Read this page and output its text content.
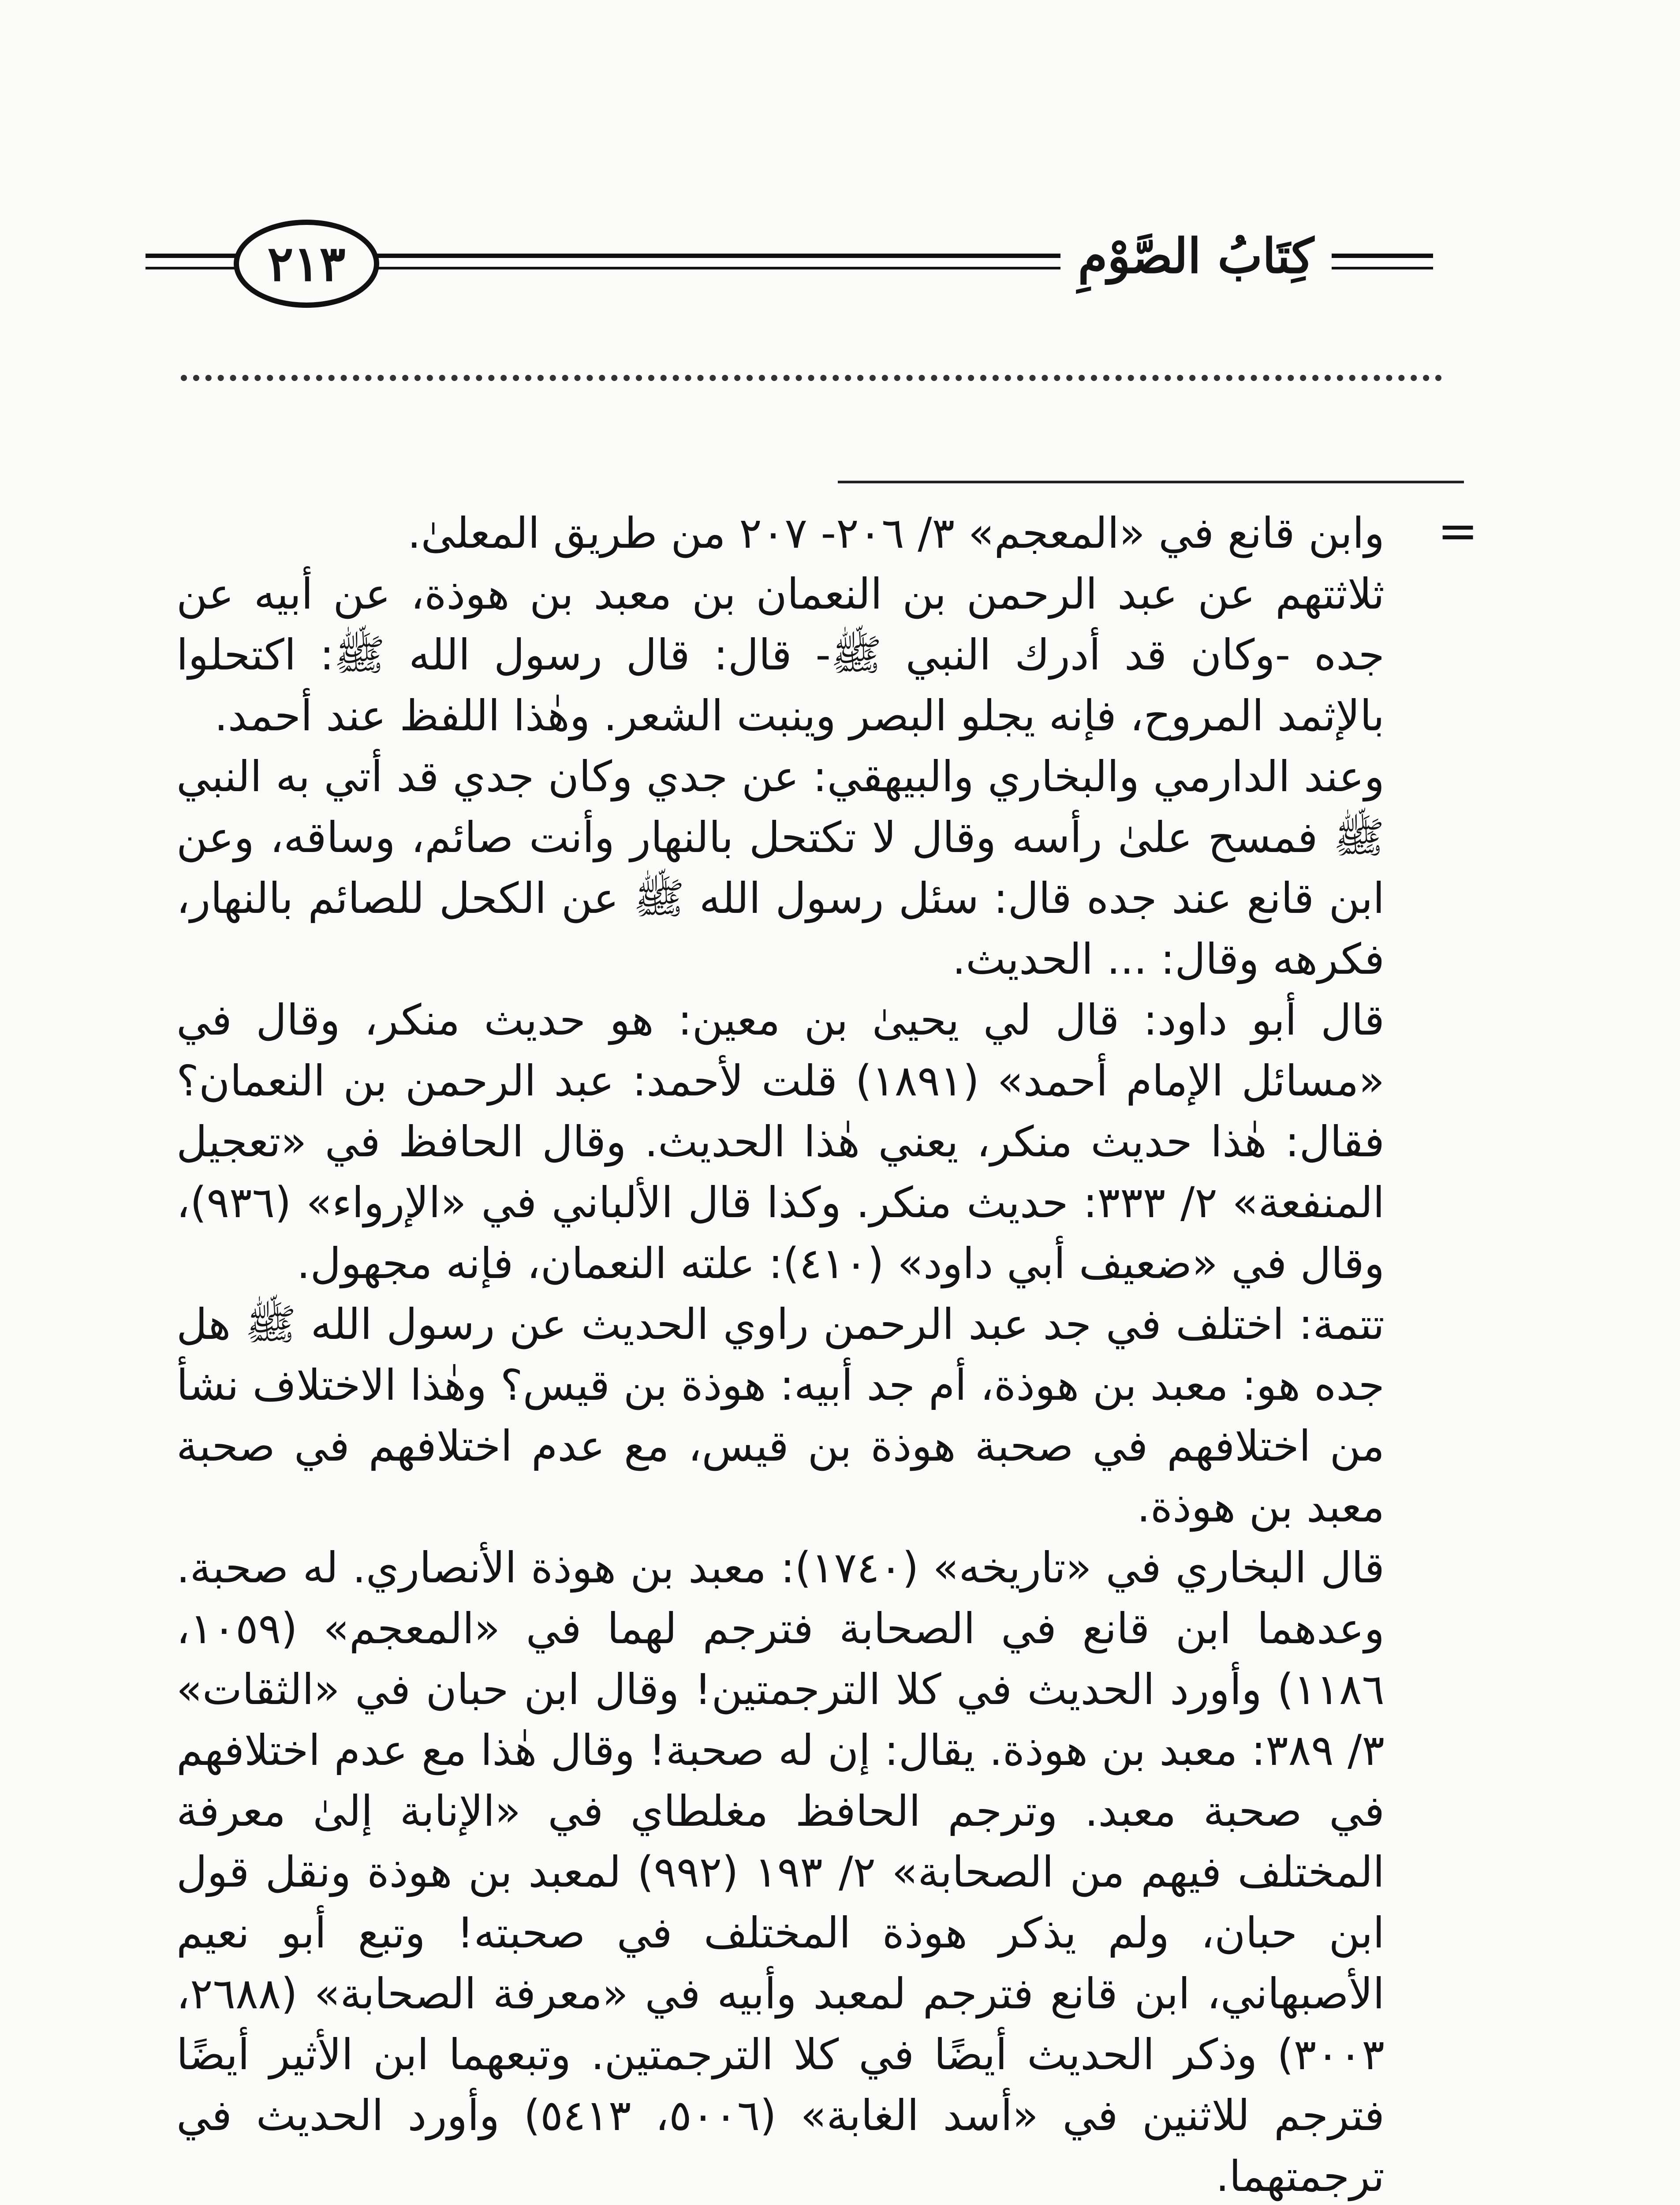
٢١٣	كِتَابُ الصَّوْمِ
=

وابن قانع في «المعجم» ٣/ ٢٠٦- ٢٠٧ من طريق المعلىٰ.

ثلاثتهم عن عبد الرحمن بن النعمان بن معبد بن هوذة، عن أبيه عن جده -وكان قد أدرك النبي ﷺ- قال: قال رسول الله ﷺ: اكتحلوا بالإثمد المروح، فإنه يجلو البصر وينبت الشعر. وهٰذا اللفظ عند أحمد.

وعند الدارمي والبخاري والبيهقي: عن جدي وكان جدي قد أتي به النبي ﷺ فمسح علىٰ رأسه وقال لا تكتحل بالنهار وأنت صائم، وساقه، وعن ابن قانع عند جده قال: سئل رسول الله ﷺ عن الكحل للصائم بالنهار، فكرهه وقال: ... الحديث.

قال أبو داود: قال لي يحيىٰ بن معين: هو حديث منكر، وقال في «مسائل الإمام أحمد» (١٨٩١) قلت لأحمد: عبد الرحمن بن النعمان؟ فقال: هٰذا حديث منكر، يعني هٰذا الحديث. وقال الحافظ في «تعجيل المنفعة» ٢/ ٣٣٣: حديث منكر. وكذا قال الألباني في «الإرواء» (٩٣٦)، وقال في «ضعيف أبي داود» (٤١٠): علته النعمان، فإنه مجهول.

تتمة: اختلف في جد عبد الرحمن راوي الحديث عن رسول الله ﷺ هل جده هو: معبد بن هوذة، أم جد أبيه: هوذة بن قيس؟ وهٰذا الاختلاف نشأ من اختلافهم في صحبة هوذة بن قيس، مع عدم اختلافهم في صحبة معبد بن هوذة.

قال البخاري في «تاريخه» (١٧٤٠): معبد بن هوذة الأنصاري. له صحبة. وعدهما ابن قانع في الصحابة فترجم لهما في «المعجم» (١٠٥٩، ١١٨٦) وأورد الحديث في كلا الترجمتين! وقال ابن حبان في «الثقات» ٣/ ٣٨٩: معبد بن هوذة. يقال: إن له صحبة! وقال هٰذا مع عدم اختلافهم في صحبة معبد. وترجم الحافظ مغلطاي في «الإنابة إلىٰ معرفة المختلف فيهم من الصحابة» ٢/ ١٩٣ (٩٩٢) لمعبد بن هوذة ونقل قول ابن حبان، ولم يذكر هوذة المختلف في صحبته! وتبع أبو نعيم الأصبهاني، ابن قانع فترجم لمعبد وأبيه في «معرفة الصحابة» (٢٦٨٨، ٣٠٠٣) وذكر الحديث أيضًا في كلا الترجمتين. وتبعهما ابن الأثير أيضًا فترجم للاثنين في «أسد الغابة» (٥٠٠٦، ٥٤١٣) وأورد الحديث في ترجمتهما.
